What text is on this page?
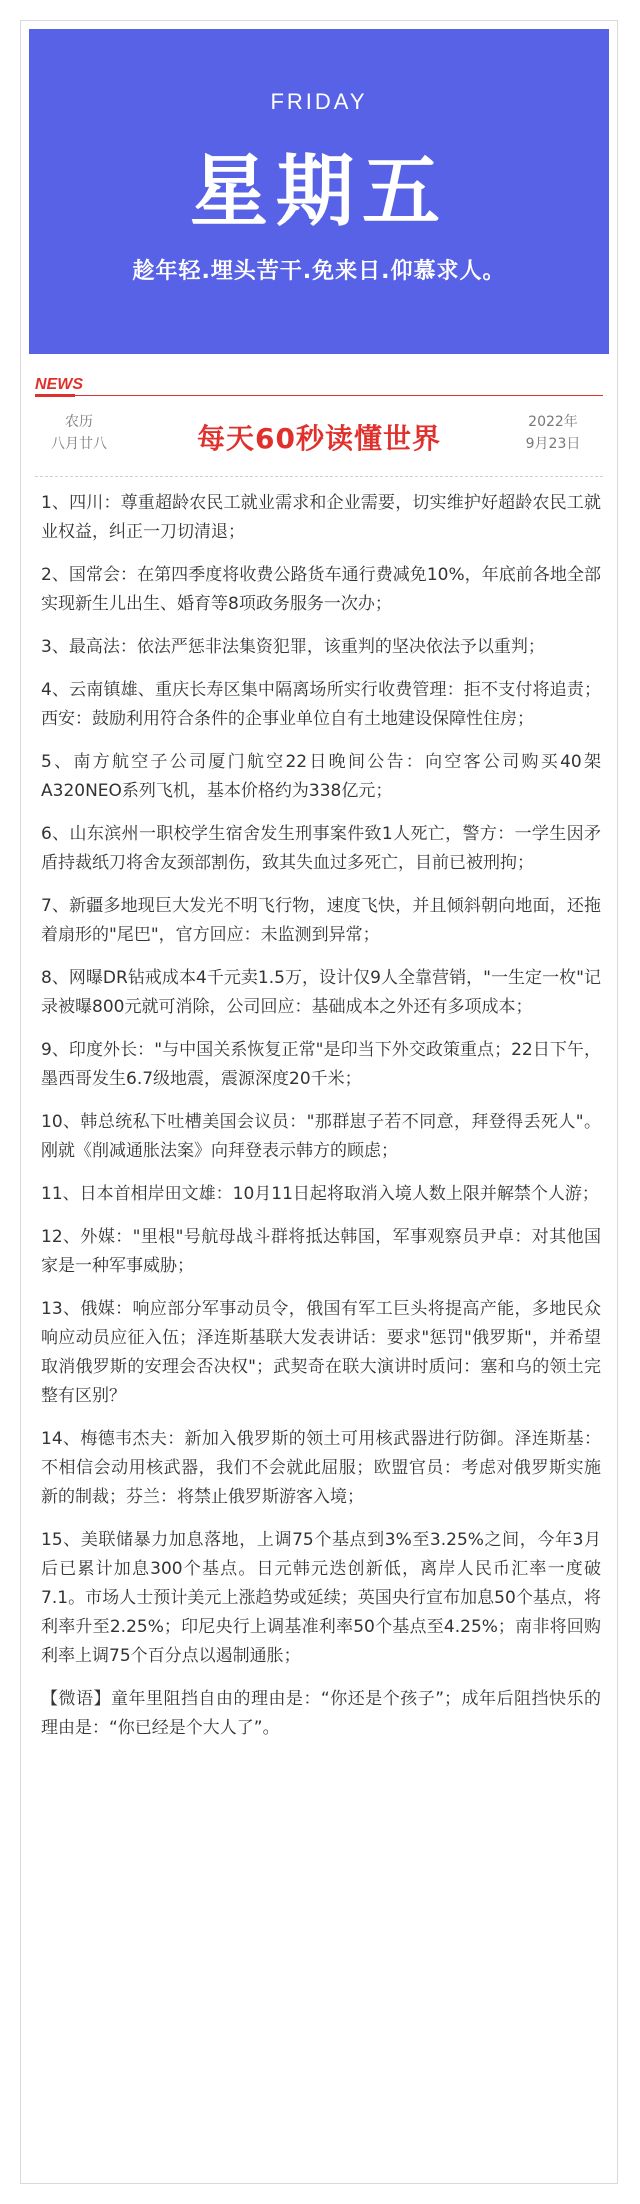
FRIDAY
星期五
趁年轻.埋头苦干.免来日.仰慕求人。
NEWS
农历
八月廿八	每天60秒读懂世界	2022年
9月23日

1、四川：尊重超龄农民工就业需求和企业需要，切实维护好超龄农民工就业权益，纠正一刀切清退；

2、国常会：在第四季度将收费公路货车通行费减免10%，年底前各地全部实现新生儿出生、婚育等8项政务服务一次办；

3、最高法：依法严惩非法集资犯罪，该重判的坚决依法予以重判；

4、云南镇雄、重庆长寿区集中隔离场所实行收费管理：拒不支付将追责；西安：鼓励利用符合条件的企事业单位自有土地建设保障性住房；

5、南方航空子公司厦门航空22日晚间公告：向空客公司购买40架A320NEO系列飞机，基本价格约为338亿元；

6、山东滨州一职校学生宿舍发生刑事案件致1人死亡，警方：一学生因矛盾持裁纸刀将舍友颈部割伤，致其失血过多死亡，目前已被刑拘；

7、新疆多地现巨大发光不明飞行物，速度飞快，并且倾斜朝向地面，还拖着扇形的"尾巴"，官方回应：未监测到异常；

8、网曝DR钻戒成本4千元卖1.5万，设计仅9人全靠营销，"一生定一枚"记录被曝800元就可消除，公司回应：基础成本之外还有多项成本；

9、印度外长："与中国关系恢复正常"是印当下外交政策重点；22日下午，墨西哥发生6.7级地震，震源深度20千米；

10、韩总统私下吐槽美国会议员："那群崽子若不同意，拜登得丢死人"。刚就《削减通胀法案》向拜登表示韩方的顾虑；

11、日本首相岸田文雄：10月11日起将取消入境人数上限并解禁个人游；

12、外媒："里根"号航母战斗群将抵达韩国，军事观察员尹卓：对其他国家是一种军事威胁；

13、俄媒：响应部分军事动员令，俄国有军工巨头将提高产能，多地民众响应动员应征入伍；泽连斯基联大发表讲话：要求"惩罚"俄罗斯"，并希望取消俄罗斯的安理会否决权"；武契奇在联大演讲时质问：塞和乌的领土完整有区别？

14、梅德韦杰夫：新加入俄罗斯的领土可用核武器进行防御。泽连斯基：不相信会动用核武器，我们不会就此屈服；欧盟官员：考虑对俄罗斯实施新的制裁；芬兰：将禁止俄罗斯游客入境；

15、美联储暴力加息落地，上调75个基点到3%至3.25%之间，今年3月后已累计加息300个基点。日元韩元迭创新低，离岸人民币汇率一度破7.1。市场人士预计美元上涨趋势或延续；英国央行宣布加息50个基点，将利率升至2.25%；印尼央行上调基准利率50个基点至4.25%；南非将回购利率上调75个百分点以遏制通胀；

【微语】童年里阻挡自由的理由是：“你还是个孩子”；成年后阻挡快乐的理由是：“你已经是个大人了”。
